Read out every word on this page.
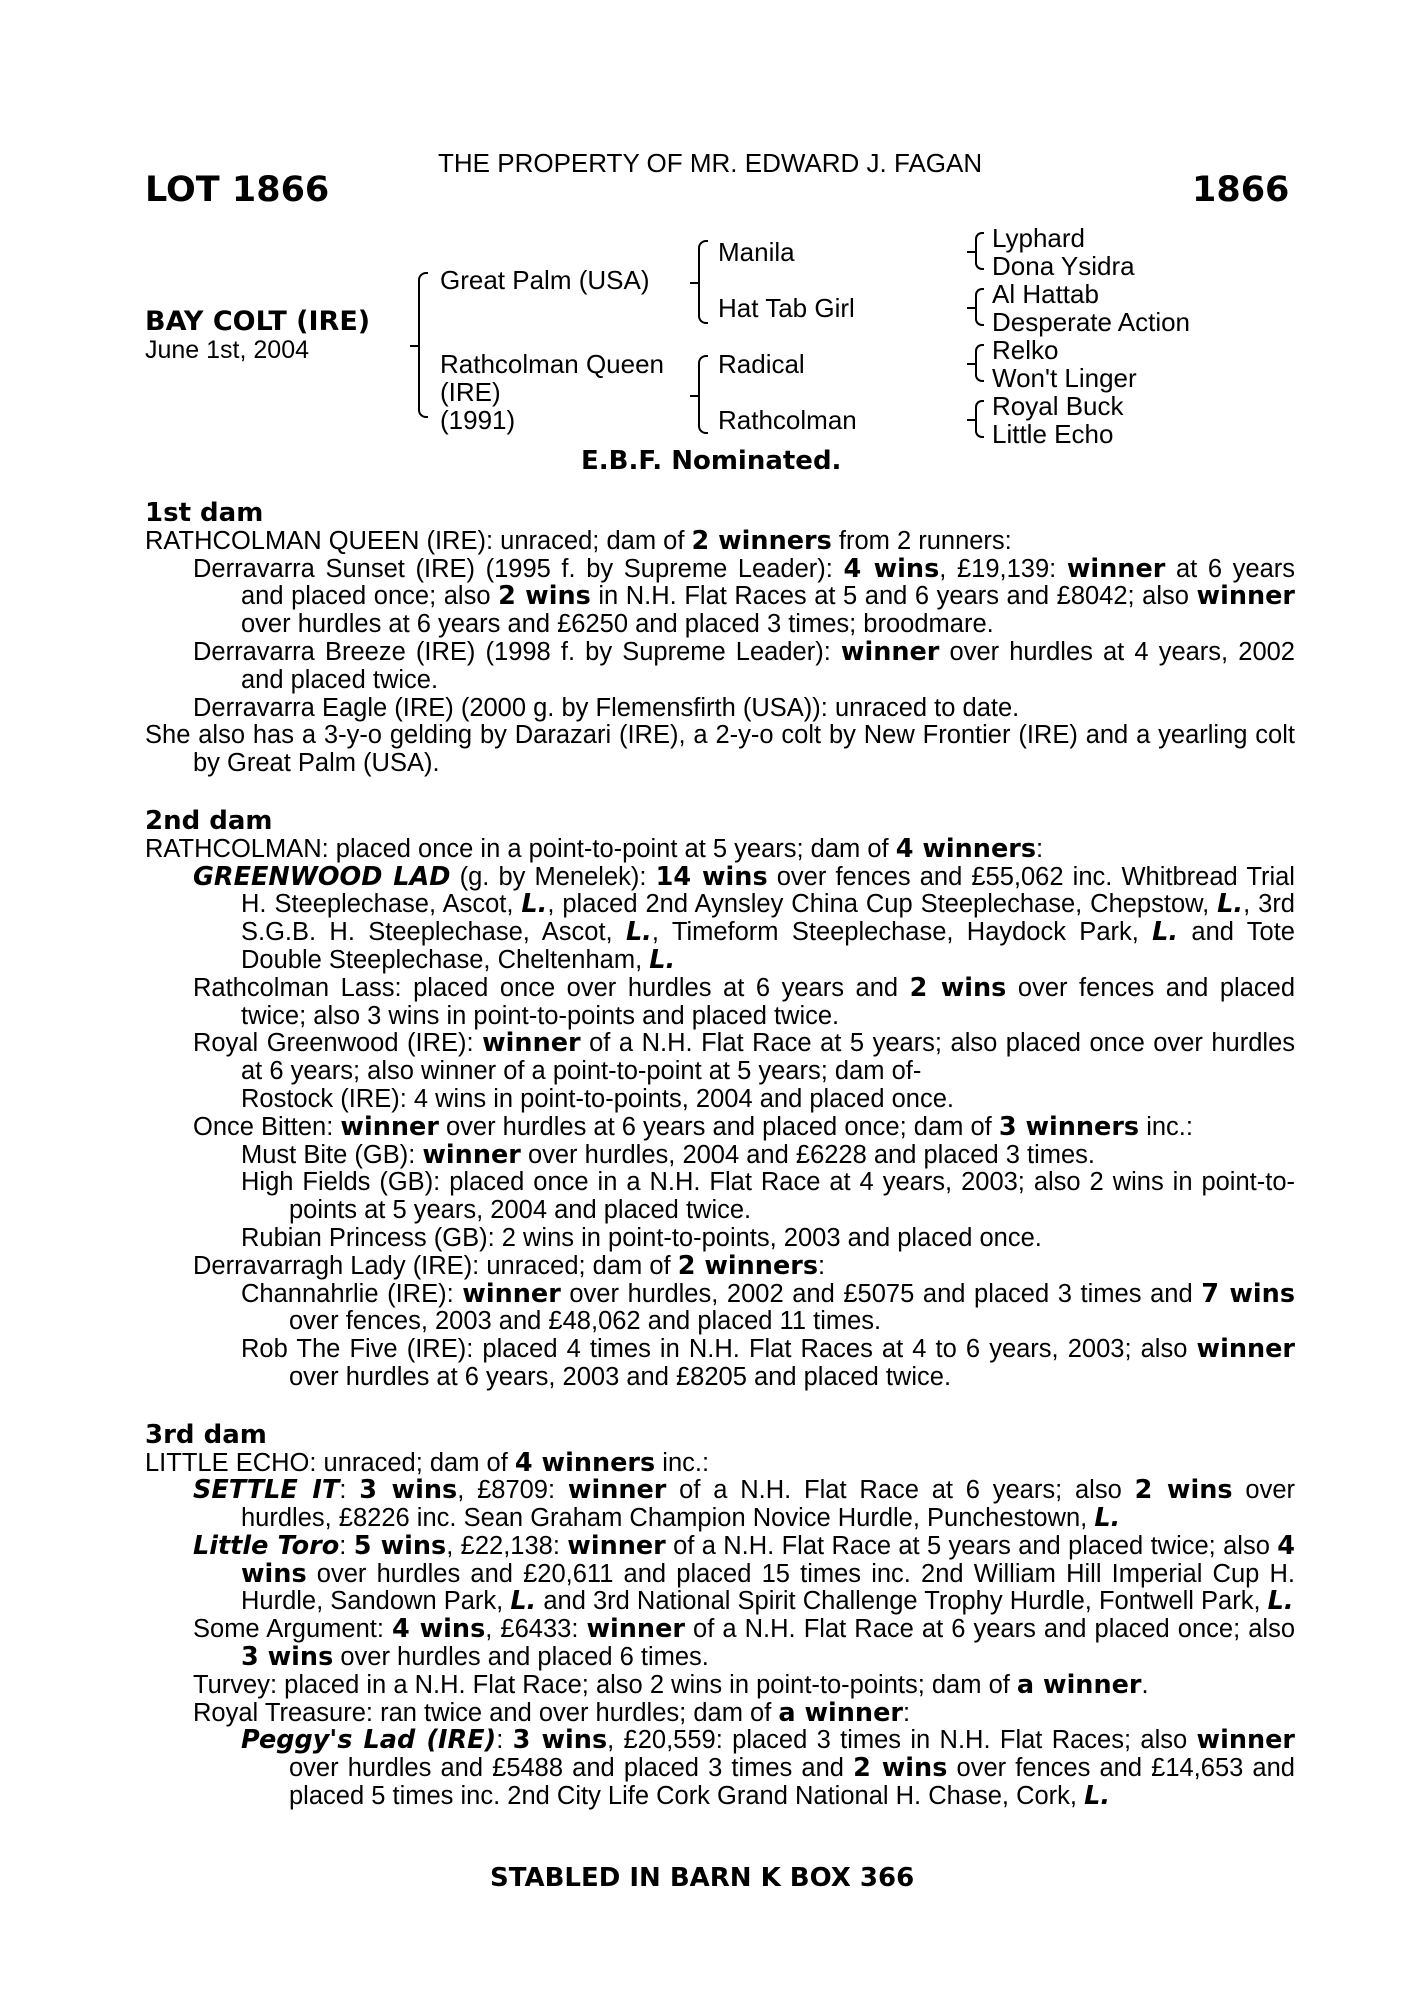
THE PROPERTY OF MR. EDWARD J. FAGAN
LOT 1866	1866
BAY COLT (IRE)
June 1st, 2004
Great Palm (USA)
Rathcolman Queen
(IRE)
(1991)
Manila
Hat Tab Girl
Radical
Rathcolman
Lyphard
Dona Ysidra
Al Hattab
Desperate Action
Relko
Won't Linger
Royal Buck
Little Echo
E.B.F. Nominated.
1st dam

RATHCOLMAN QUEEN (IRE): unraced; dam of 2 winners from 2 runners:

Derravarra Sunset (IRE) (1995 f. by Supreme Leader): 4 wins, £19,139: winner at 6 years and placed once; also 2 wins in N.H. Flat Races at 5 and 6 years and £8042; also winner over hurdles at 6 years and £6250 and placed 3 times; broodmare.

Derravarra Breeze (IRE) (1998 f. by Supreme Leader): winner over hurdles at 4 years, 2002 and placed twice.

Derravarra Eagle (IRE) (2000 g. by Flemensfirth (USA)): unraced to date.

She also has a 3-y-o gelding by Darazari (IRE), a 2-y-o colt by New Frontier (IRE) and a yearling colt by Great Palm (USA).

2nd dam

RATHCOLMAN: placed once in a point-to-point at 5 years; dam of 4 winners:

GREENWOOD LAD (g. by Menelek): 14 wins over fences and £55,062 inc. Whitbread Trial H. Steeplechase, Ascot, L., placed 2nd Aynsley China Cup Steeplechase, Chepstow, L., 3rd S.G.B. H. Steeplechase, Ascot, L., Timeform Steeplechase, Haydock Park, L. and Tote Double Steeplechase, Cheltenham, L.

Rathcolman Lass: placed once over hurdles at 6 years and 2 wins over fences and placed twice; also 3 wins in point-to-points and placed twice.

Royal Greenwood (IRE): winner of a N.H. Flat Race at 5 years; also placed once over hurdles at 6 years; also winner of a point-to-point at 5 years; dam of-

Rostock (IRE): 4 wins in point-to-points, 2004 and placed once.

Once Bitten: winner over hurdles at 6 years and placed once; dam of 3 winners inc.:

Must Bite (GB): winner over hurdles, 2004 and £6228 and placed 3 times.

High Fields (GB): placed once in a N.H. Flat Race at 4 years, 2003; also 2 wins in point-to-points at 5 years, 2004 and placed twice.

Rubian Princess (GB): 2 wins in point-to-points, 2003 and placed once.

Derravarragh Lady (IRE): unraced; dam of 2 winners:

Channahrlie (IRE): winner over hurdles, 2002 and £5075 and placed 3 times and 7 wins over fences, 2003 and £48,062 and placed 11 times.

Rob The Five (IRE): placed 4 times in N.H. Flat Races at 4 to 6 years, 2003; also winner over hurdles at 6 years, 2003 and £8205 and placed twice.

3rd dam

LITTLE ECHO: unraced; dam of 4 winners inc.:

SETTLE IT: 3 wins, £8709: winner of a N.H. Flat Race at 6 years; also 2 wins over hurdles, £8226 inc. Sean Graham Champion Novice Hurdle, Punchestown, L.

Little Toro: 5 wins, £22,138: winner of a N.H. Flat Race at 5 years and placed twice; also 4 wins over hurdles and £20,611 and placed 15 times inc. 2nd William Hill Imperial Cup H. Hurdle, Sandown Park, L. and 3rd National Spirit Challenge Trophy Hurdle, Fontwell Park, L.

Some Argument: 4 wins, £6433: winner of a N.H. Flat Race at 6 years and placed once; also 3 wins over hurdles and placed 6 times.

Turvey: placed in a N.H. Flat Race; also 2 wins in point-to-points; dam of a winner.

Royal Treasure: ran twice and over hurdles; dam of a winner:

Peggy's Lad (IRE): 3 wins, £20,559: placed 3 times in N.H. Flat Races; also winner over hurdles and £5488 and placed 3 times and 2 wins over fences and £14,653 and placed 5 times inc. 2nd City Life Cork Grand National H. Chase, Cork, L.

STABLED IN BARN K BOX 366
